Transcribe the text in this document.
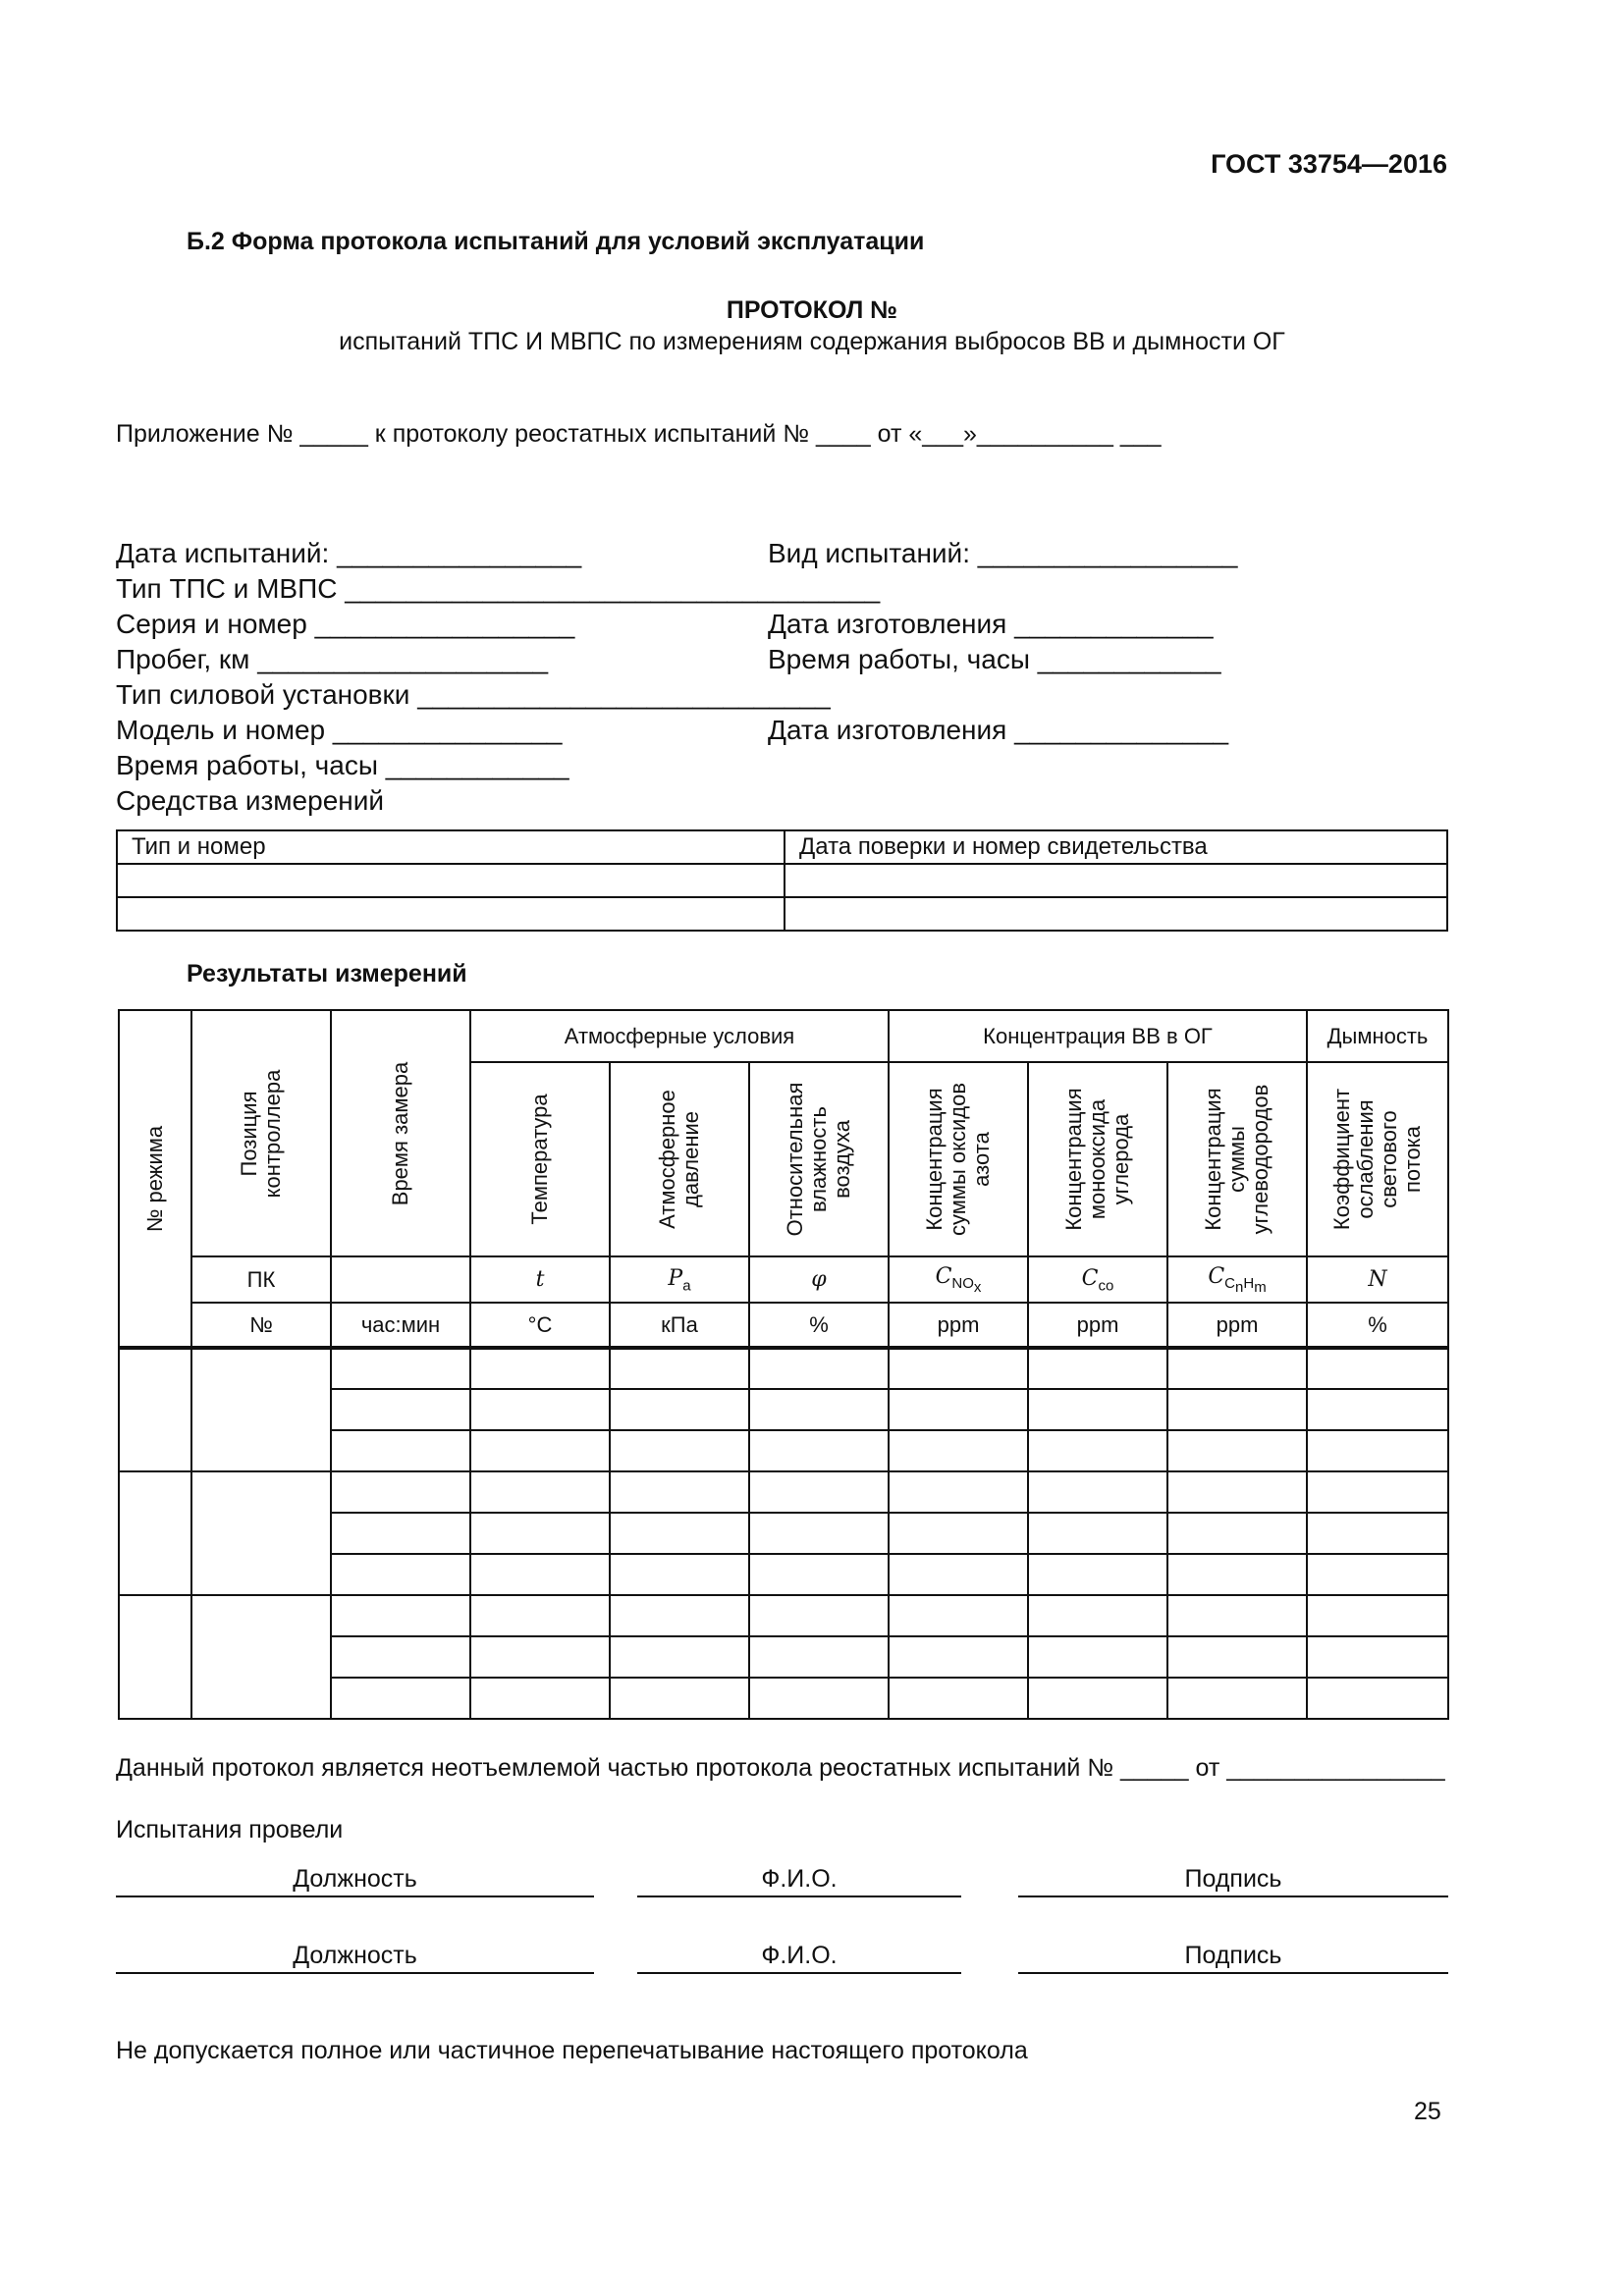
ГОСТ 33754—2016
Б.2 Форма протокола испытаний для условий эксплуатации
ПРОТОКОЛ №
испытаний ТПС И МВПС по измерениям содержания выбросов ВВ и дымности ОГ
Приложение № _____ к протоколу реостатных испытаний № ____ от «___»__________ ___
Дата испытаний: ________________	Вид испытаний: _________________
Тип ТПС и МВПС ___________________________________
Серия и номер _________________	Дата изготовления _____________
Пробег, км ___________________	Время работы, часы ____________
Тип силовой установки ___________________________
Модель и номер _______________	Дата изготовления ______________
Время работы, часы ____________
Средства измерений
Тип и номер	Дата поверки и номер свидетельства

Результаты измерений
№ режима	Позиция контроллера	Время замера	Атмосферные условия			Концентрация ВВ в ОГ			Дымность

			Температура	Атмосферное давление	Относительная влажность воздуха	Концентрация суммы оксидов азота	Концентрация монооксида углерода	Концентрация суммы углеводородов	Коэффициент ослабления светового потока

	ПК		t	$P_a$	φ	$C_{NO_x}$	$C_{co}$	$C_{C_nH_m}$	N
	№	час:мин	°С	кПа	%	ppm	ppm	ppm	%

Данный протокол является неотъемлемой частью протокола реостатных испытаний № _____ от ________________
Испытания провели
Должность	Ф.И.О.	Подпись
Должность	Ф.И.О.	Подпись
Не допускается полное или частичное перепечатывание настоящего протокола
25
